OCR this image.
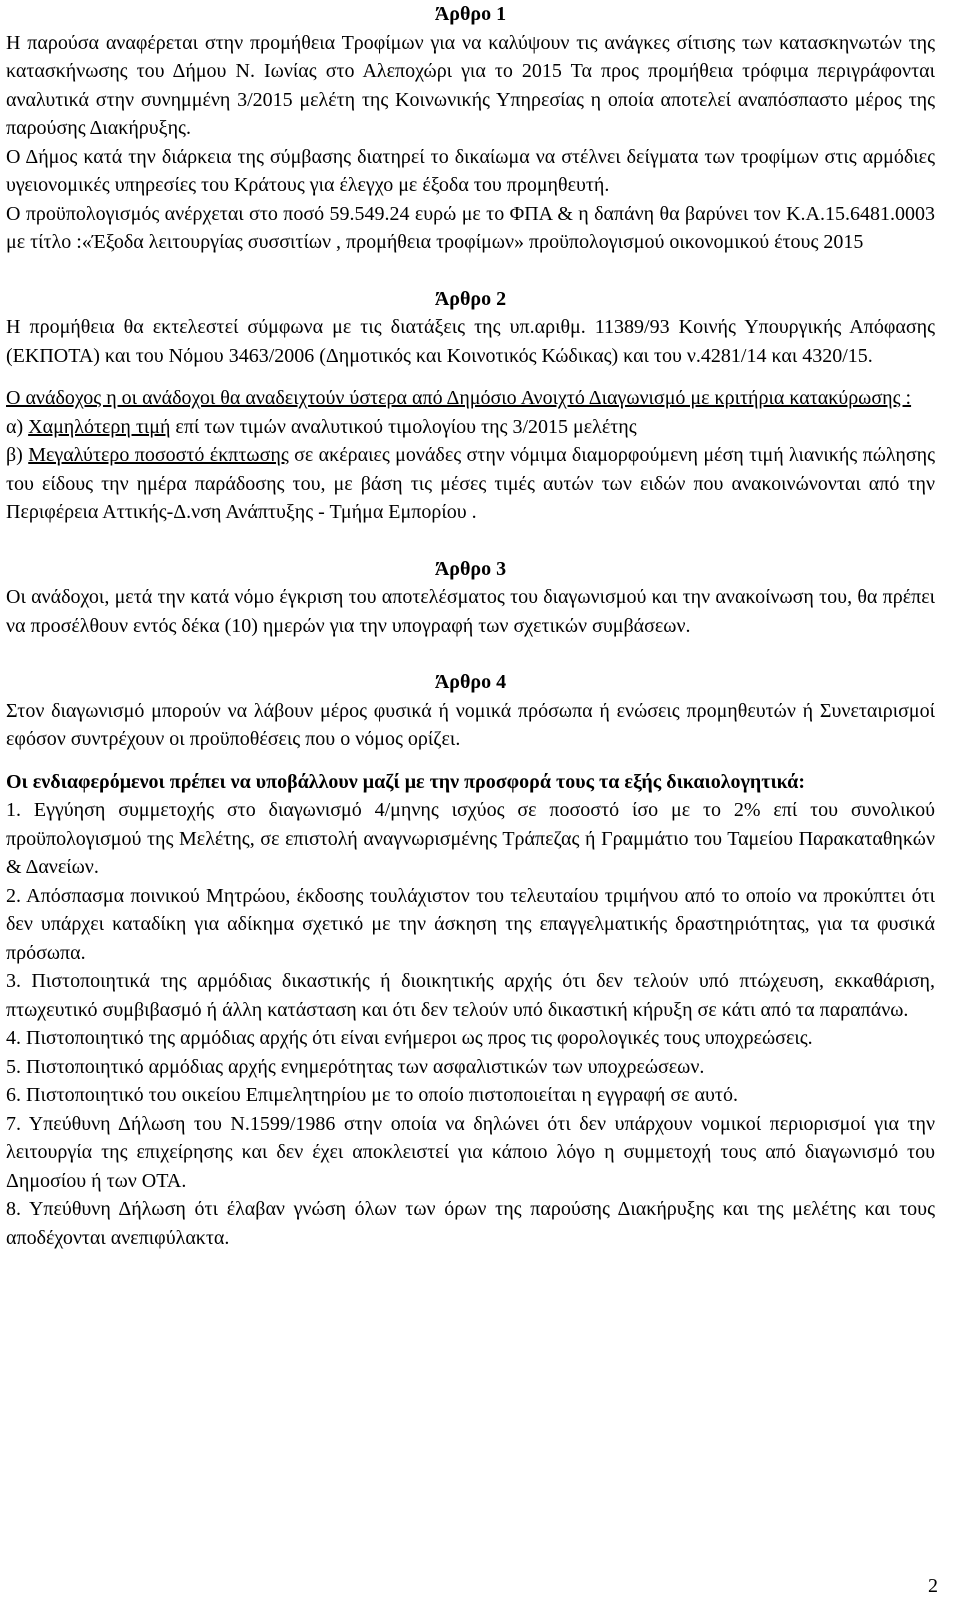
Άρθρο 1

Η παρούσα αναφέρεται στην προμήθεια Τροφίμων για να καλύψουν τις ανάγκες σίτισης των κατασκηνωτών της κατασκήνωσης του Δήμου Ν. Ιωνίας στο Αλεποχώρι για το 2015 Τα προς προμήθεια τρόφιμα περιγράφονται αναλυτικά στην συνημμένη 3/2015 μελέτη της Κοινωνικής Υπηρεσίας η οποία αποτελεί αναπόσπαστο μέρος της παρούσης Διακήρυξης.

Ο Δήμος κατά την διάρκεια της σύμβασης διατηρεί το δικαίωμα να στέλνει δείγματα των τροφίμων στις αρμόδιες υγειονομικές υπηρεσίες του Κράτους για έλεγχο με έξοδα του προμηθευτή.

Ο προϋπολογισμός ανέρχεται στο ποσό 59.549.24 ευρώ με το ΦΠΑ & η δαπάνη θα βαρύνει τον Κ.Α.15.6481.0003 με τίτλο :«Έξοδα λειτουργίας συσσιτίων , προμήθεια τροφίμων» προϋπολογισμού οικονομικού έτους 2015

Άρθρο 2

Η προμήθεια θα εκτελεστεί σύμφωνα με τις διατάξεις της υπ.αριθμ. 11389/93 Κοινής Υπουργικής Απόφασης (ΕΚΠΟΤΑ) και του Νόμου 3463/2006 (Δημοτικός και Κοινοτικός Κώδικας) και του ν.4281/14 και 4320/15.

Ο ανάδοχος η οι ανάδοχοι θα αναδειχτούν ύστερα από Δημόσιο Ανοιχτό Διαγωνισμό με κριτήρια κατακύρωσης :

α) Χαμηλότερη τιμή επί των τιμών αναλυτικού τιμολογίου της 3/2015 μελέτης

β) Μεγαλύτερο ποσοστό έκπτωσης σε ακέραιες μονάδες στην νόμιμα διαμορφούμενη μέση τιμή λιανικής πώλησης του είδους την ημέρα παράδοσης του, με βάση τις μέσες τιμές αυτών των ειδών που ανακοινώνονται από την Περιφέρεια Αττικής-Δ.νση Ανάπτυξης - Τμήμα Εμπορίου .

Άρθρο 3

Οι ανάδοχοι, μετά την κατά νόμο έγκριση του αποτελέσματος του διαγωνισμού και την ανακοίνωση του, θα πρέπει να προσέλθουν εντός δέκα (10) ημερών για την υπογραφή των σχετικών συμβάσεων.

Άρθρο 4

Στον διαγωνισμό μπορούν να λάβουν μέρος φυσικά ή νομικά πρόσωπα ή ενώσεις προμηθευτών ή Συνεταιρισμοί εφόσον συντρέχουν οι προϋποθέσεις που ο νόμος ορίζει.

Οι ενδιαφερόμενοι πρέπει να υποβάλλουν μαζί με την προσφορά τους τα εξής δικαιολογητικά:

1. Εγγύηση συμμετοχής στο διαγωνισμό 4/μηνης ισχύος σε ποσοστό ίσο με το 2% επί του συνολικού προϋπολογισμού της Μελέτης, σε επιστολή αναγνωρισμένης Τράπεζας ή Γραμμάτιο του Ταμείου Παρακαταθηκών & Δανείων.

2. Απόσπασμα ποινικού Μητρώου, έκδοσης τουλάχιστον του τελευταίου τριμήνου από το οποίο να προκύπτει ότι δεν υπάρχει καταδίκη για αδίκημα σχετικό με την άσκηση της επαγγελματικής δραστηριότητας, για τα φυσικά πρόσωπα.

3. Πιστοποιητικά της αρμόδιας δικαστικής ή διοικητικής αρχής ότι δεν τελούν υπό πτώχευση, εκκαθάριση, πτωχευτικό συμβιβασμό ή άλλη κατάσταση και ότι δεν τελούν υπό δικαστική κήρυξη σε κάτι από τα παραπάνω.

4. Πιστοποιητικό της αρμόδιας αρχής ότι είναι ενήμεροι ως προς τις φορολογικές τους υποχρεώσεις.

5. Πιστοποιητικό αρμόδιας αρχής ενημερότητας των ασφαλιστικών των υποχρεώσεων.

6. Πιστοποιητικό του οικείου Επιμελητηρίου με το οποίο πιστοποιείται η εγγραφή σε αυτό.

7. Υπεύθυνη Δήλωση του Ν.1599/1986 στην οποία να δηλώνει ότι δεν υπάρχουν νομικοί περιορισμοί για την λειτουργία της επιχείρησης και δεν έχει αποκλειστεί για κάποιο λόγο η συμμετοχή τους από διαγωνισμό του Δημοσίου ή των ΟΤΑ.

8. Υπεύθυνη Δήλωση ότι έλαβαν γνώση όλων των όρων της παρούσης Διακήρυξης και της μελέτης και τους αποδέχονται ανεπιφύλακτα.

2
